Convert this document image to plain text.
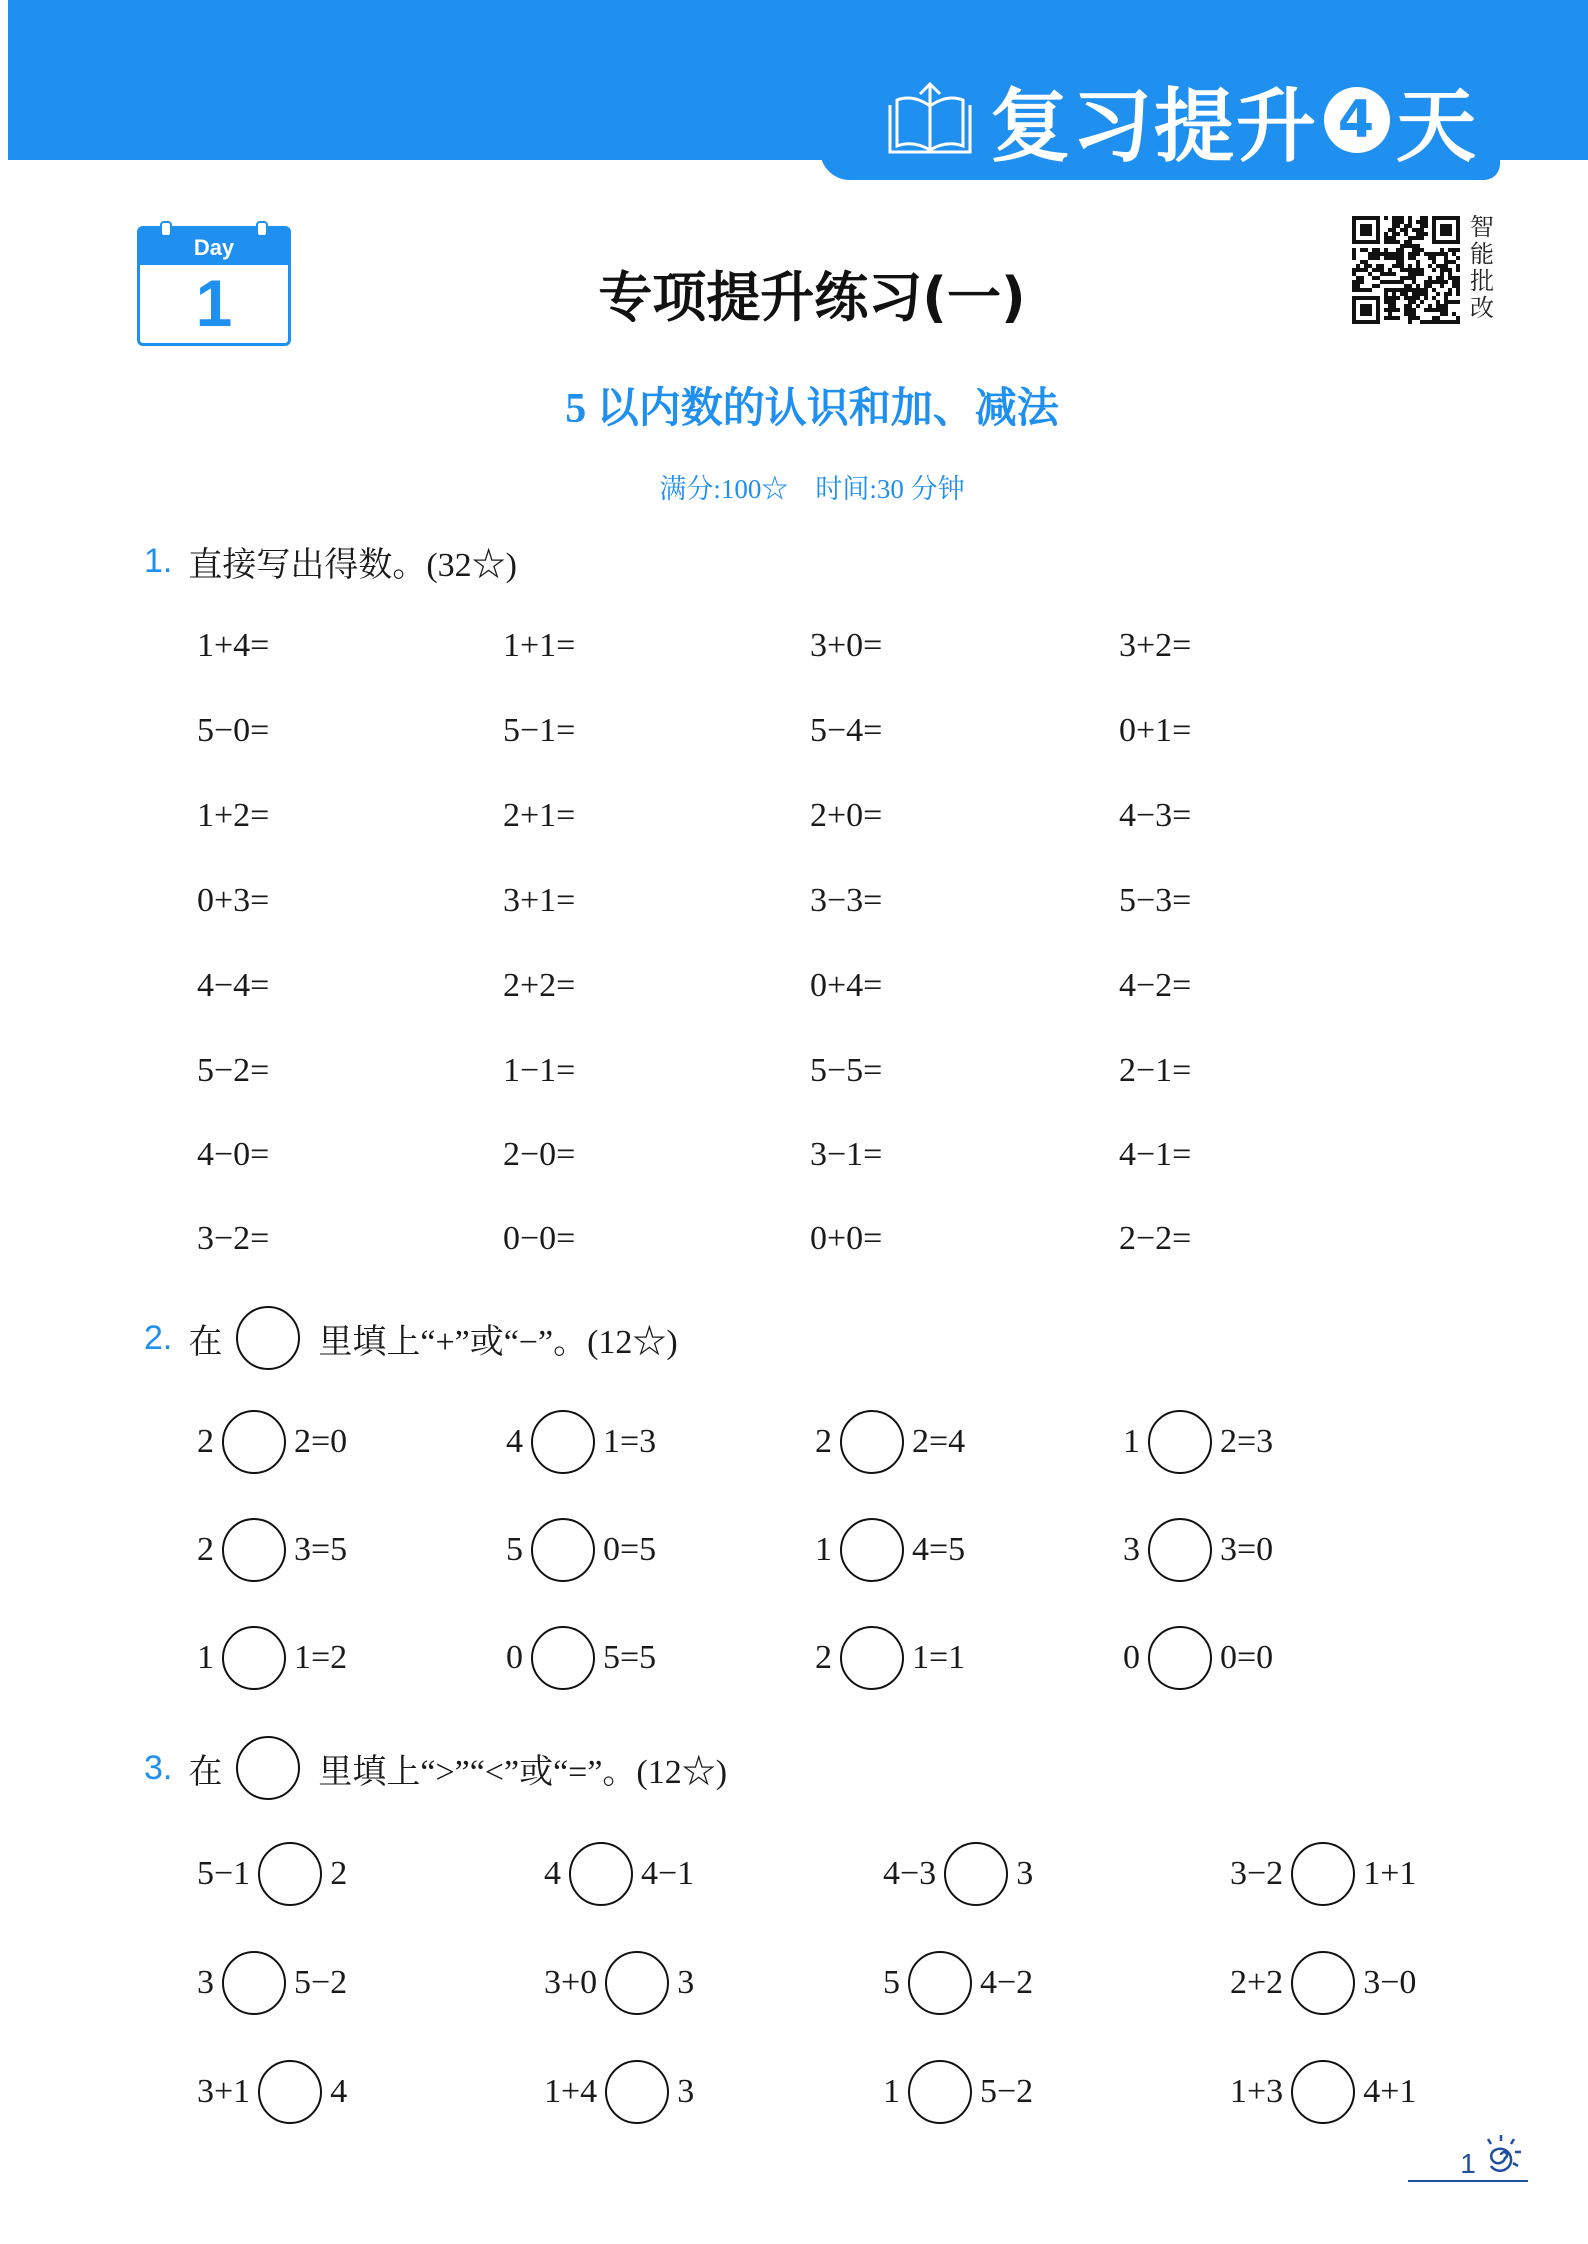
复习提升 4 天
Day
1	专项提升练习(一)
智能批改
5 以内数的认识和加、减法
满分:100☆　时间:30 分钟
1. 直接写出得数。(32☆)
2. 在	里填上“+”或“−”。(12☆)
3. 在	里填上“>”“<”或“=”。(12☆)
1+4=	1+1=	3+0=	3+2=
5−0=	5−1=	5−4=	0+1=
1+2=	2+1=	2+0=	4−3=
0+3=	3+1=	3−3=	5−3=
4−4=	2+2=	0+4=	4−2=
5−2=	1−1=	5−5=	2−1=
4−0=	2−0=	3−1=	4−1=
3−2=	0−0=	0+0=	2−2=
2 2=0	4 1=3	2 2=4	1 2=3
2 3=5	5 0=5	1 4=5	3 3=0
1 1=2	0 5=5	2 1=1	0 0=0
5−1 2	4 4−1	4−3 3	3−2 1+1
3 5−2	3+0 3	5 4−2	2+2 3−0
3+1 4	1+4 3	1 5−2	1+3 4+1
1
